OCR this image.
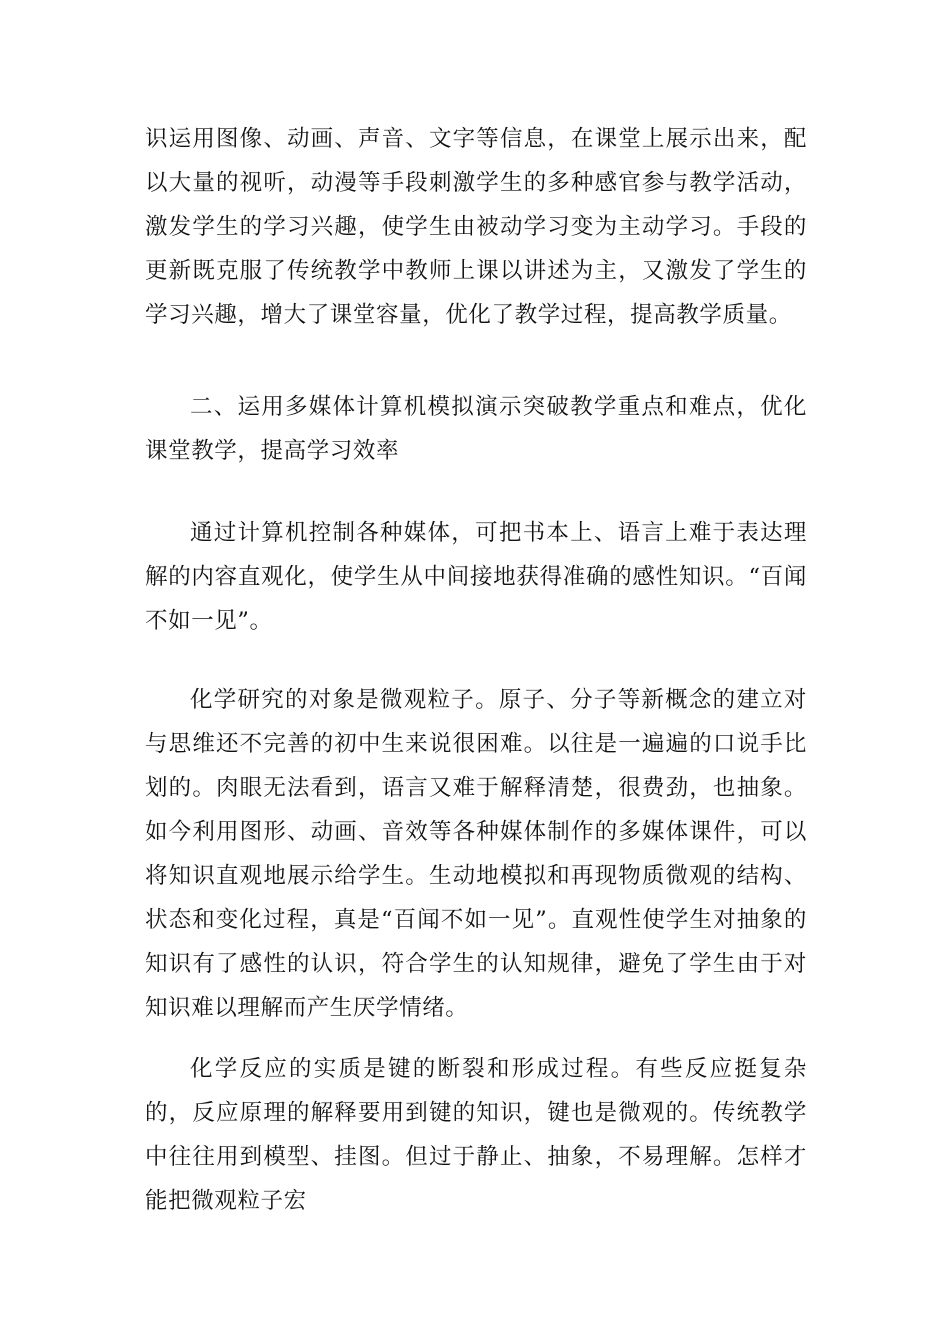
识运用图像、动画、声音、文字等信息，在课堂上展示出来，配以大量的视听，动漫等手段刺激学生的多种感官参与教学活动，激发学生的学习兴趣，使学生由被动学习变为主动学习。手段的更新既克服了传统教学中教师上课以讲述为主，又激发了学生的学习兴趣，增大了课堂容量，优化了教学过程，提高教学质量。

二、运用多媒体计算机模拟演示突破教学重点和难点，优化课堂教学，提高学习效率

通过计算机控制各种媒体，可把书本上、语言上难于表达理解的内容直观化，使学生从中间接地获得准确的感性知识。“百闻不如一见”。

化学研究的对象是微观粒子。原子、分子等新概念的建立对与思维还不完善的初中生来说很困难。以往是一遍遍的口说手比划的。肉眼无法看到，语言又难于解释清楚，很费劲，也抽象。如今利用图形、动画、音效等各种媒体制作的多媒体课件，可以将知识直观地展示给学生。生动地模拟和再现物质微观的结构、状态和变化过程，真是“百闻不如一见”。直观性使学生对抽象的知识有了感性的认识，符合学生的认知规律，避免了学生由于对知识难以理解而产生厌学情绪。

化学反应的实质是键的断裂和形成过程。有些反应挺复杂的，反应原理的解释要用到键的知识，键也是微观的。传统教学中往往用到模型、挂图。但过于静止、抽象，不易理解。怎样才能把微观粒子宏
